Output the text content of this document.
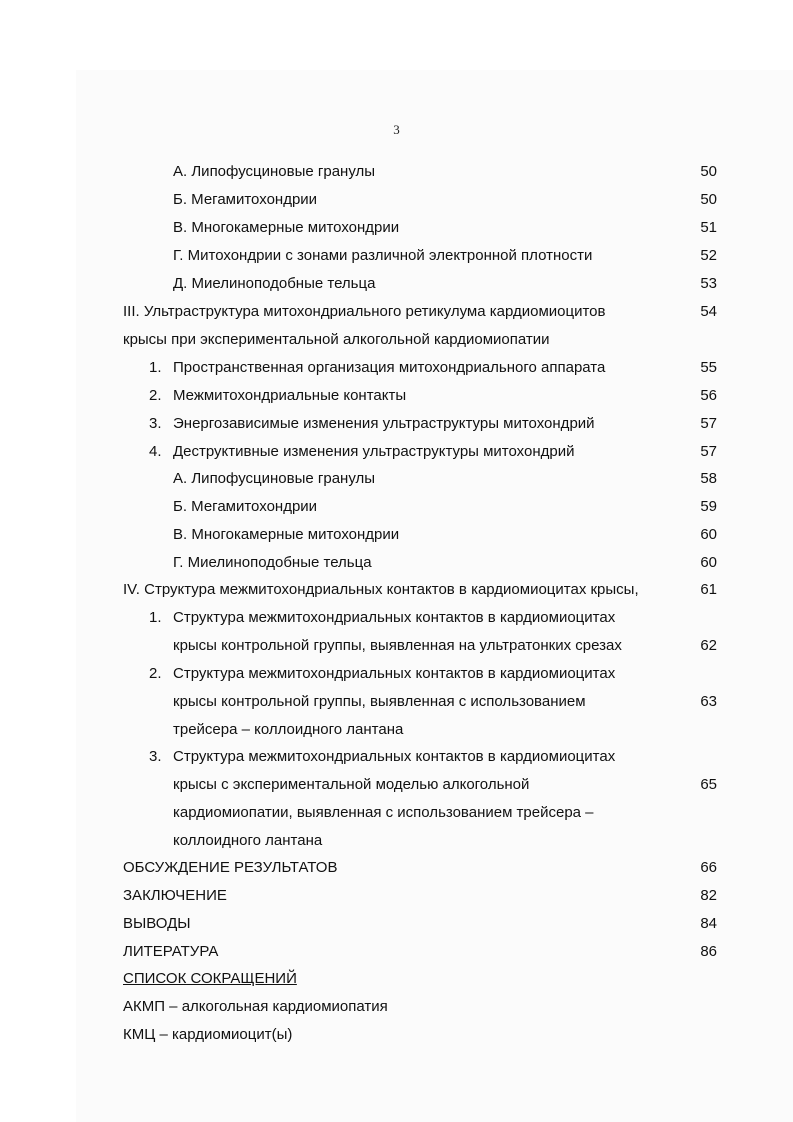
3
А. Липофусциновые гранулы	50
Б. Мегамитохондрии	50
В. Многокамерные митохондрии	51
Г. Митохондрии с зонами различной электронной плотности	52
Д. Миелиноподобные тельца	53
III. Ультраструктура митохондриального ретикулума кардиомиоцитов	54
крысы при экспериментальной алкогольной кардиомиопатии
1. Пространственная организация митохондриального аппарата	55
2. Межмитохондриальные контакты	56
3. Энергозависимые изменения ультраструктуры митохондрий	57
4. Деструктивные изменения ультраструктуры митохондрий	57
А. Липофусциновые гранулы	58
Б. Мегамитохондрии	59
В. Многокамерные митохондрии	60
Г. Миелиноподобные тельца	60
IV. Структура межмитохондриальных контактов в кардиомиоцитах крысы,	61
1. Структура межмитохондриальных контактов в кардиомиоцитах
крысы контрольной группы, выявленная на ультратонких срезах	62
2. Структура межмитохондриальных контактов в кардиомиоцитах
крысы контрольной группы, выявленная с использованием	63
трейсера – коллоидного лантана
3. Структура межмитохондриальных контактов в кардиомиоцитах
крысы с экспериментальной моделью алкогольной	65
кардиомиопатии, выявленная с использованием трейсера –
коллоидного лантана
ОБСУЖДЕНИЕ РЕЗУЛЬТАТОВ	66
ЗАКЛЮЧЕНИЕ	82
ВЫВОДЫ	84
ЛИТЕРАТУРА	86
СПИСОК СОКРАЩЕНИЙ
АКМП – алкогольная кардиомиопатия
КМЦ – кардиомиоцит(ы)
